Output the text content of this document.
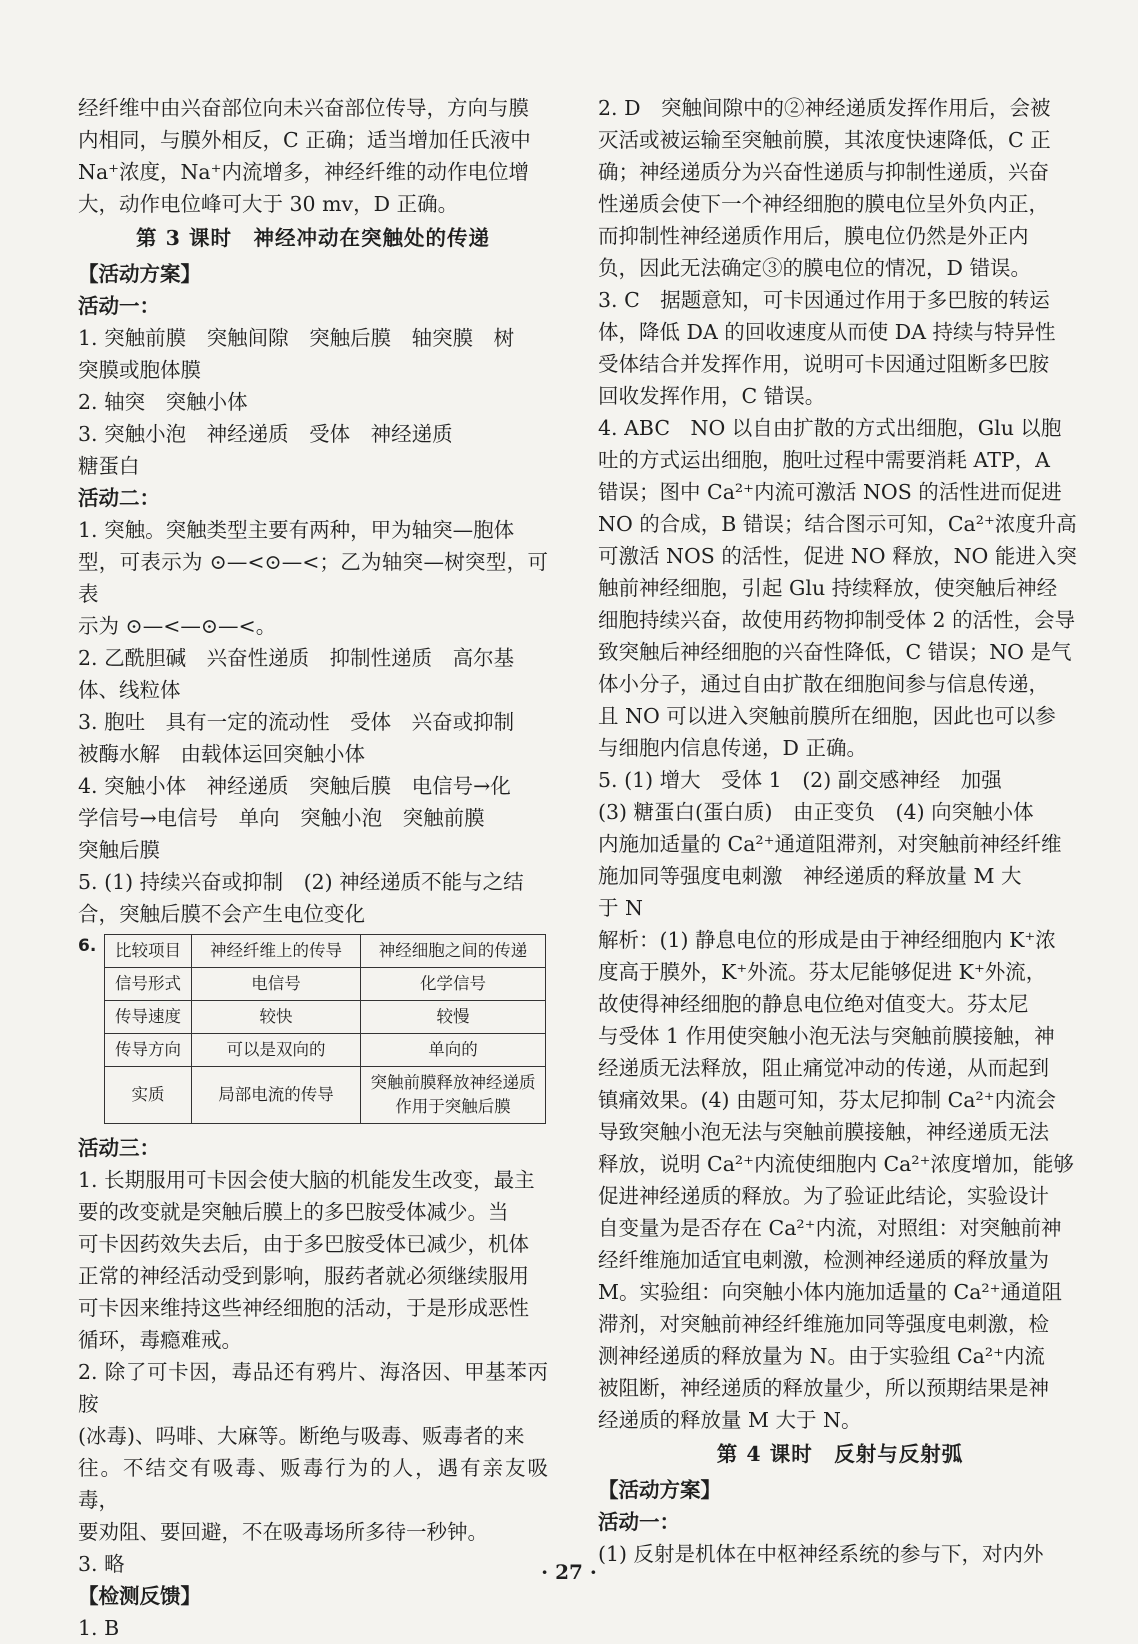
经纤维中由兴奋部位向未兴奋部位传导，方向与膜

内相同，与膜外相反，C 正确；适当增加任氏液中

Na⁺浓度，Na⁺内流增多，神经纤维的动作电位增

大，动作电位峰可大于 30 mv，D 正确。

第 3 课时　神经冲动在突触处的传递

【活动方案】

活动一：

1. 突触前膜　突触间隙　突触后膜　轴突膜　树

突膜或胞体膜

2. 轴突　突触小体

3. 突触小泡　神经递质　受体　神经递质

糖蛋白

活动二：

1. 突触。突触类型主要有两种，甲为轴突—胞体

型，可表示为 ⊙—<⊙—<；乙为轴突—树突型，可表

示为 ⊙—<—⊙—<。

2. 乙酰胆碱　兴奋性递质　抑制性递质　高尔基

体、线粒体

3. 胞吐　具有一定的流动性　受体　兴奋或抑制

被酶水解　由载体运回突触小体

4. 突触小体　神经递质　突触后膜　电信号→化

学信号→电信号　单向　突触小泡　突触前膜

突触后膜

5. (1) 持续兴奋或抑制　(2) 神经递质不能与之结

合，突触后膜不会产生电位变化

6.	比较项目	神经纤维上的传导	神经细胞之间的传递
信号形式	电信号	化学信号
传导速度	较快	较慢
传导方向	可以是双向的	单向的
实质	局部电流的传导	突触前膜释放神经递质作用于突触后膜

活动三：

1. 长期服用可卡因会使大脑的机能发生改变，最主

要的改变就是突触后膜上的多巴胺受体减少。当

可卡因药效失去后，由于多巴胺受体已减少，机体

正常的神经活动受到影响，服药者就必须继续服用

可卡因来维持这些神经细胞的活动，于是形成恶性

循环，毒瘾难戒。

2. 除了可卡因，毒品还有鸦片、海洛因、甲基苯丙胺

(冰毒)、吗啡、大麻等。断绝与吸毒、贩毒者的来

往。不结交有吸毒、贩毒行为的人，遇有亲友吸毒，

要劝阻、要回避，不在吸毒场所多待一秒钟。

3. 略

【检测反馈】

1. B

2. D　突触间隙中的②神经递质发挥作用后，会被

灭活或被运输至突触前膜，其浓度快速降低，C 正

确；神经递质分为兴奋性递质与抑制性递质，兴奋

性递质会使下一个神经细胞的膜电位呈外负内正，

而抑制性神经递质作用后，膜电位仍然是外正内

负，因此无法确定③的膜电位的情况，D 错误。

3. C　据题意知，可卡因通过作用于多巴胺的转运

体，降低 DA 的回收速度从而使 DA 持续与特异性

受体结合并发挥作用，说明可卡因通过阻断多巴胺

回收发挥作用，C 错误。

4. ABC　NO 以自由扩散的方式出细胞，Glu 以胞

吐的方式运出细胞，胞吐过程中需要消耗 ATP，A

错误；图中 Ca²⁺内流可激活 NOS 的活性进而促进

NO 的合成，B 错误；结合图示可知，Ca²⁺浓度升高

可激活 NOS 的活性，促进 NO 释放，NO 能进入突

触前神经细胞，引起 Glu 持续释放，使突触后神经

细胞持续兴奋，故使用药物抑制受体 2 的活性，会导

致突触后神经细胞的兴奋性降低，C 错误；NO 是气

体小分子，通过自由扩散在细胞间参与信息传递，

且 NO 可以进入突触前膜所在细胞，因此也可以参

与细胞内信息传递，D 正确。

5. (1) 增大　受体 1　(2) 副交感神经　加强

(3) 糖蛋白(蛋白质)　由正变负　(4) 向突触小体

内施加适量的 Ca²⁺通道阻滞剂，对突触前神经纤维

施加同等强度电刺激　神经递质的释放量 M 大

于 N

解析：(1) 静息电位的形成是由于神经细胞内 K⁺浓

度高于膜外，K⁺外流。芬太尼能够促进 K⁺外流，

故使得神经细胞的静息电位绝对值变大。芬太尼

与受体 1 作用使突触小泡无法与突触前膜接触，神

经递质无法释放，阻止痛觉冲动的传递，从而起到

镇痛效果。(4) 由题可知，芬太尼抑制 Ca²⁺内流会

导致突触小泡无法与突触前膜接触，神经递质无法

释放，说明 Ca²⁺内流使细胞内 Ca²⁺浓度增加，能够

促进神经递质的释放。为了验证此结论，实验设计

自变量为是否存在 Ca²⁺内流，对照组：对突触前神

经纤维施加适宜电刺激，检测神经递质的释放量为

M。实验组：向突触小体内施加适量的 Ca²⁺通道阻

滞剂，对突触前神经纤维施加同等强度电刺激，检

测神经递质的释放量为 N。由于实验组 Ca²⁺内流

被阻断，神经递质的释放量少，所以预期结果是神

经递质的释放量 M 大于 N。

第 4 课时　反射与反射弧

【活动方案】

活动一：

(1) 反射是机体在中枢神经系统的参与下，对内外

· 27 ·
